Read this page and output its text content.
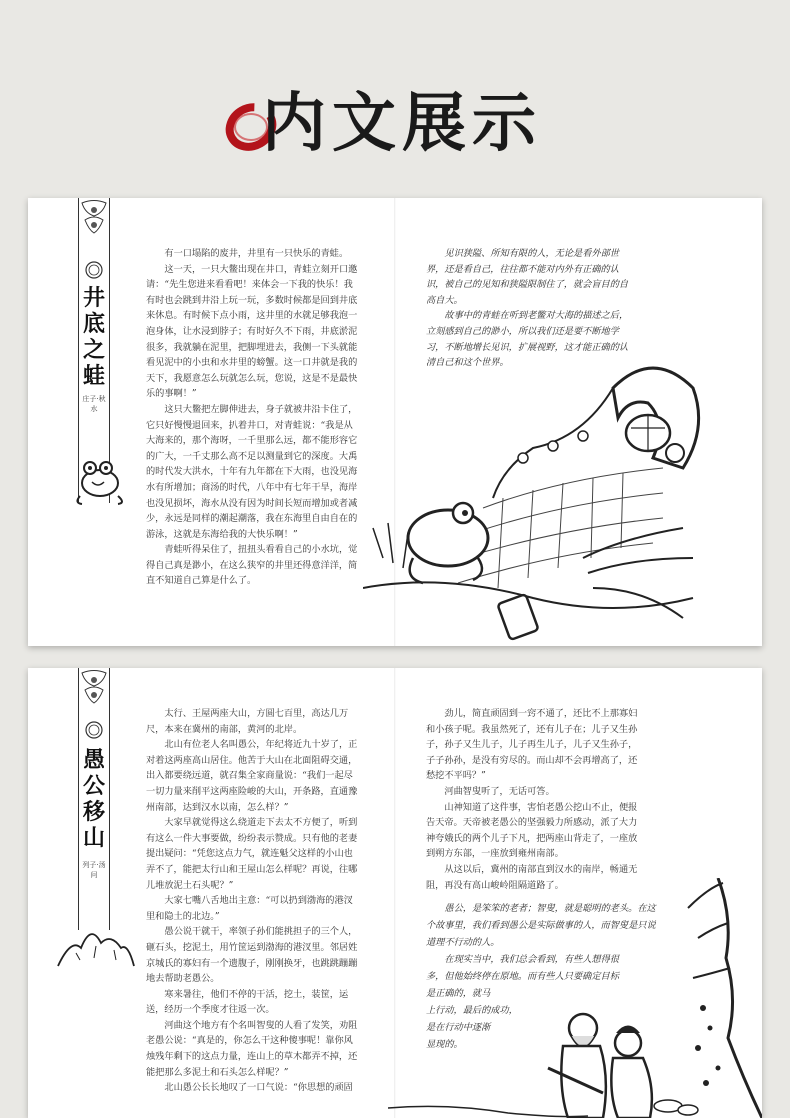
内文展示
井底之蛙
庄子·秋水

有一口塌陷的废井，井里有一只快乐的青蛙。

这一天，一只大鳖出现在井口，青蛙立刻开口邀请：“先生您进来看看吧！来体会一下我的快乐！我有时也会跳到井沿上玩一玩，多数时候都是回到井底来休息。有时候下点小雨，这井里的水就足够我泡一泡身体，让水浸到脖子；有时好久不下雨，井底淤泥很多，我就躺在泥里，把脚埋进去，我侧一下头就能看见泥中的小虫和水井里的螃蟹。这一口井就是我的天下，我愿意怎么玩就怎么玩，您说，这是不是最快乐的事啊！”

这只大鳖把左脚伸进去，身子就被井沿卡住了，它只好慢慢退回来，扒着井口，对青蛙说：“我是从大海来的，那个海呀，一千里那么远，都不能形容它的广大，一千丈那么高不足以测量到它的深度。大禹的时代发大洪水，十年有九年都在下大雨，也没见海水有所增加；商汤的时代，八年中有七年干旱，海岸也没见损坏，海水从没有因为时间长短而增加或者减少，永远是同样的潮起潮落，我在东海里自由自在的游泳，这就是东海给我的大快乐啊！”

青蛙听得呆住了，扭扭头看看自己的小水坑，觉得自己真是渺小，在这么狭窄的井里还得意洋洋，简直不知道自己算是什么了。

见识狭隘、所知有限的人，无论是看外部世界，还是看自己，往往都不能对内外有正确的认识，被自己的见知和狭隘限制住了，就会盲目的自高自大。

故事中的青蛙在听到老鳖对大海的描述之后，立刻感到自己的渺小，所以我们还是要不断地学习，不断地增长见识，扩展视野，这才能正确的认清自己和这个世界。

愚公移山
列子·汤问

太行、王屋两座大山，方圆七百里，高达几万尺，本来在冀州的南部，黄河的北岸。

北山有位老人名叫愚公，年纪将近九十岁了，正对着这两座高山居住。他苦于大山在北面阻碍交通，出入都要绕远道，就召集全家商量说：“我们一起尽一切力量来削平这两座险峻的大山，开条路，直通豫州南部，达到汉水以南，怎么样？”

大家早就觉得这么绕道走下去太不方便了，听到有这么一件大事要做，纷纷表示赞成。只有他的老妻提出疑问：“凭您这点力气，就连魁父这样的小山也弄不了，能把太行山和王屋山怎么样呢？再说，往哪儿堆放泥土石头呢？”

大家七嘴八舌地出主意：“可以扔到渤海的港汊里和隐土的北边。”

愚公说干就干，率领子孙们能挑担子的三个人，砸石头，挖泥土，用竹筐运到渤海的港汊里。邻居姓京城氏的寡妇有一个遗腹子，刚刚换牙，也跳跳蹦蹦地去帮助老愚公。

寒来暑往，他们不停的干活，挖土，装筐，运送，经历一个季度才往返一次。

河曲这个地方有个名叫智叟的人看了发笑，劝阻老愚公说：“真是的，你怎么干这种傻事呢！靠你风烛残年剩下的这点力量，连山上的草木都弄不掉，还能把那么多泥土和石头怎么样呢？”

北山愚公长长地叹了一口气说：“你思想的顽固

劲儿，简直顽固到一窍不通了，还比不上那寡妇和小孩子呢。我虽然死了，还有儿子在；儿子又生孙子，孙子又生儿子，儿子再生儿子，儿子又生孙子，子子孙孙，是没有穷尽的。而山却不会再增高了，还愁挖不平吗？”

河曲智叟听了，无话可答。

山神知道了这件事，害怕老愚公挖山不止，便报告天帝。天帝被老愚公的坚强毅力所感动，派了大力神夸娥氏的两个儿子下凡，把两座山背走了，一座放到朔方东部，一座放到雍州南部。

从这以后，冀州的南部直到汉水的南岸，畅通无阻，再没有高山峻岭阻隔道路了。

愚公，是笨笨的老者；智叟，就是聪明的老头。在这个故事里，我们看到愚公是实际做事的人，而智叟是只说道理不行动的人。

在现实当中，我们总会看到，有些人想得很多，但他始终停在原地。而有些人只要确定目标是正确的，就马

上行动，最后的成功，

是在行动中逐渐

显现的。
